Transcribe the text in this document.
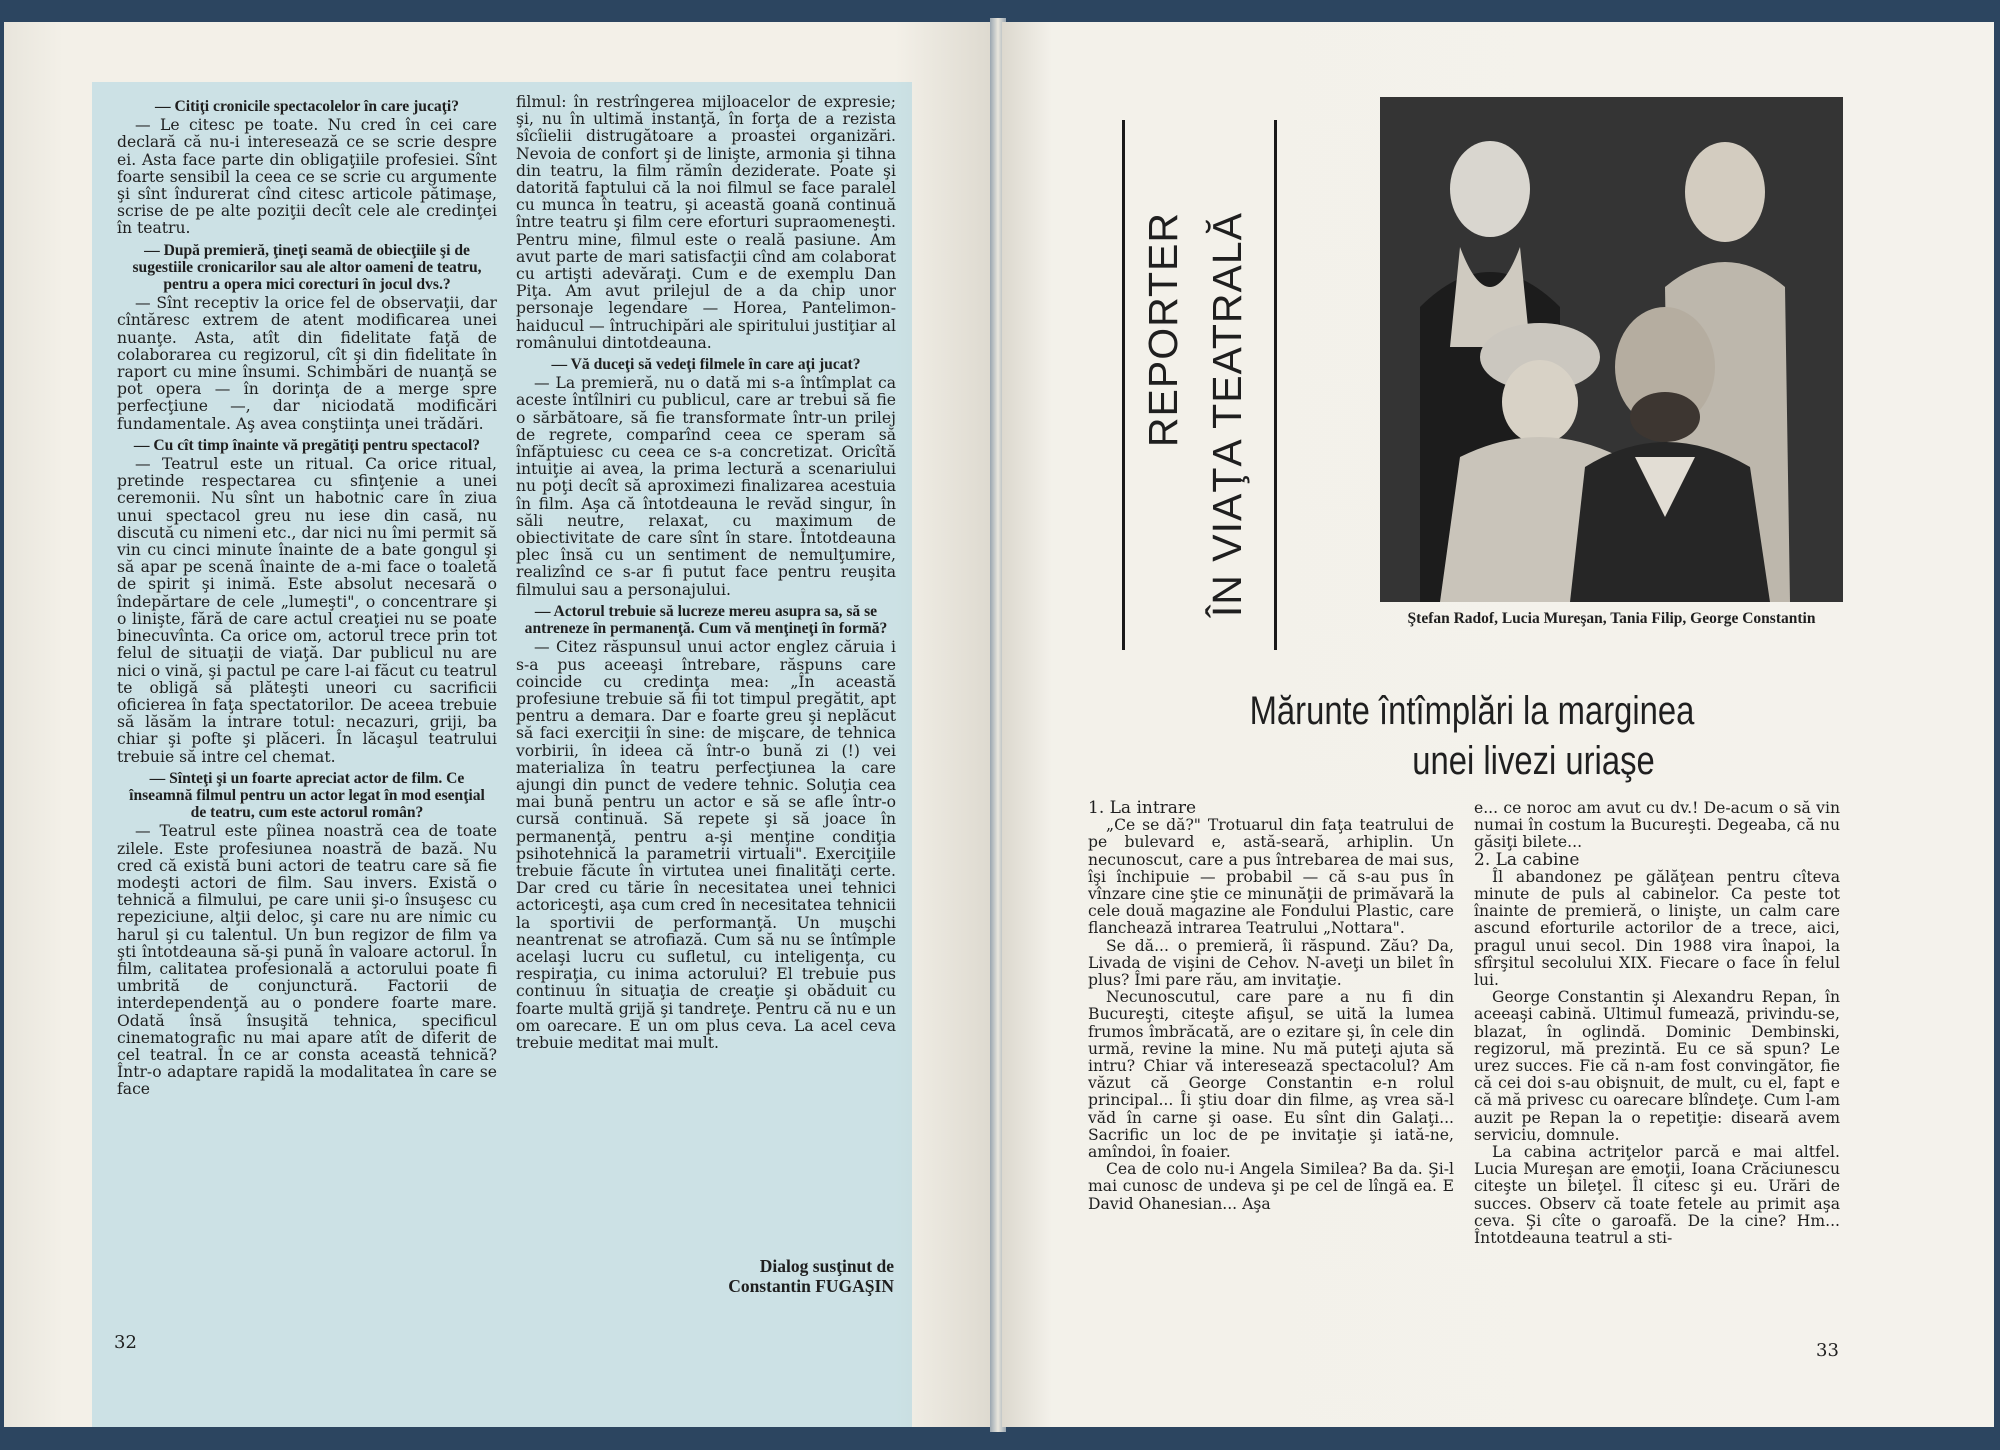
— Citiţi cronicile spectacolelor în care jucaţi?

— Le citesc pe toate. Nu cred în cei care declară că nu-i interesează ce se scrie despre ei. Asta face parte din obligaţiile profesiei. Sînt foarte sensibil la ceea ce se scrie cu argumente şi sînt îndurerat cînd citesc articole pătimaşe, scrise de pe alte poziţii decît cele ale credinţei în teatru.

— După premieră, ţineţi seamă de obiecţiile şi de sugestiile cronicarilor sau ale altor oameni de teatru, pentru a opera mici corecturi în jocul dvs.?

— Sînt receptiv la orice fel de observaţii, dar cîntăresc extrem de atent modificarea unei nuanţe. Asta, atît din fidelitate faţă de colaborarea cu regizorul, cît şi din fidelitate în raport cu mine însumi. Schimbări de nuanţă se pot opera — în dorinţa de a merge spre perfecţiune —, dar niciodată modificări fundamentale. Aş avea conştiinţa unei trădări.

— Cu cît timp înainte vă pregătiţi pentru spectacol?

— Teatrul este un ritual. Ca orice ritual, pretinde respectarea cu sfinţenie a unei ceremonii. Nu sînt un habotnic care în ziua unui spectacol greu nu iese din casă, nu discută cu nimeni etc., dar nici nu îmi permit să vin cu cinci minute înainte de a bate gongul şi să apar pe scenă înainte de a-mi face o toaletă de spirit şi inimă. Este absolut necesară o îndepărtare de cele „lumeşti", o concentrare şi o linişte, fără de care actul creaţiei nu se poate binecuvînta. Ca orice om, actorul trece prin tot felul de situaţii de viaţă. Dar publicul nu are nici o vină, şi pactul pe care l-ai făcut cu teatrul te obligă să plăteşti uneori cu sacrificii oficierea în faţa spectatorilor. De aceea trebuie să lăsăm la intrare totul: necazuri, griji, ba chiar şi pofte şi plăceri. În lăcaşul teatrului trebuie să intre cel chemat.

— Sînteţi şi un foarte apreciat actor de film. Ce înseamnă filmul pentru un actor legat în mod esenţial de teatru, cum este actorul român?

— Teatrul este pîinea noastră cea de toate zilele. Este profesiunea noastră de bază. Nu cred că există buni actori de teatru care să fie modeşti actori de film. Sau invers. Există o tehnică a filmului, pe care unii şi-o însuşesc cu repeziciune, alţii deloc, şi care nu are nimic cu harul şi cu talentul. Un bun regizor de film va şti întotdeauna să-şi pună în valoare actorul. În film, calitatea profesională a actorului poate fi umbrită de conjunctură. Factorii de interdependenţă au o pondere foarte mare. Odată însă însuşită tehnica, specificul cinematografic nu mai apare atît de diferit de cel teatral. În ce ar consta această tehnică? Într-o adaptare rapidă la modalitatea în care se face

filmul: în restrîngerea mijloacelor de expresie; şi, nu în ultimă instanţă, în forţa de a rezista sîcîielii distrugătoare a proastei organizări. Nevoia de confort şi de linişte, armonia şi tihna din teatru, la film rămîn deziderate. Poate şi datorită faptului că la noi filmul se face paralel cu munca în teatru, şi această goană continuă între teatru şi film cere eforturi supraomeneşti. Pentru mine, filmul este o reală pasiune. Am avut parte de mari satisfacţii cînd am colaborat cu artişti adevăraţi. Cum e de exemplu Dan Piţa. Am avut prilejul de a da chip unor personaje legendare — Horea, Pantelimon-haiducul — întruchipări ale spiritului justiţiar al românului dintotdeauna.

— Vă duceţi să vedeţi filmele în care aţi jucat?

— La premieră, nu o dată mi s-a întîmplat ca aceste întîlniri cu publicul, care ar trebui să fie o sărbătoare, să fie transformate într-un prilej de regrete, comparînd ceea ce speram să înfăptuiesc cu ceea ce s-a concretizat. Oricîtă intuiţie ai avea, la prima lectură a scenariului nu poţi decît să aproximezi finalizarea acestuia în film. Aşa că întotdeauna le revăd singur, în săli neutre, relaxat, cu maximum de obiectivitate de care sînt în stare. Întotdeauna plec însă cu un sentiment de nemulţumire, realizînd ce s-ar fi putut face pentru reuşita filmului sau a personajului.

— Actorul trebuie să lucreze mereu asupra sa, să se antreneze în permanenţă. Cum vă menţineţi în formă?

— Citez răspunsul unui actor englez căruia i s-a pus aceeaşi întrebare, răspuns care coincide cu credinţa mea: „În această profesiune trebuie să fii tot timpul pregătit, apt pentru a demara. Dar e foarte greu şi neplăcut să faci exerciţii în sine: de mişcare, de tehnica vorbirii, în ideea că într-o bună zi (!) vei materializa în teatru perfecţiunea la care ajungi din punct de vedere tehnic. Soluţia cea mai bună pentru un actor e să se afle într-o cursă continuă. Să repete şi să joace în permanenţă, pentru a-şi menţine condiţia psihotehnică la parametrii virtuali". Exerciţiile trebuie făcute în virtutea unei finalităţi certe. Dar cred cu tărie în necesitatea unei tehnici actoriceşti, aşa cum cred în necesitatea tehnicii la sportivii de performanţă. Un muşchi neantrenat se atrofiază. Cum să nu se întîmple acelaşi lucru cu sufletul, cu inteligenţa, cu respiraţia, cu inima actorului? El trebuie pus continuu în situaţia de creaţie şi obăduit cu foarte multă grijă şi tandreţe. Pentru că nu e un om oarecare. E un om plus ceva. La acel ceva trebuie meditat mai mult.

Dialog susţinut de
Constantin FUGAŞIN
32
REPORTER ÎN VIAŢA TEATRALĂ
Ştefan Radof, Lucia Mureşan, Tania Filip, George Constantin
Mărunte întîmplări la marginea
unei livezi uriaşe

1. La intrare

„Ce se dă?" Trotuarul din faţa teatrului de pe bulevard e, astă-seară, arhiplin. Un necunoscut, care a pus întrebarea de mai sus, îşi închipuie — probabil — că s-au pus în vînzare cine ştie ce minunăţii de primăvară la cele două magazine ale Fondului Plastic, care flanchează intrarea Teatrului „Nottara".

Se dă... o premieră, îi răspund. Zău? Da, Livada de vişini de Cehov. N-aveţi un bilet în plus? Îmi pare rău, am invitaţie.

Necunoscutul, care pare a nu fi din Bucureşti, citeşte afişul, se uită la lumea frumos îmbrăcată, are o ezitare şi, în cele din urmă, revine la mine. Nu mă puteţi ajuta să intru? Chiar vă interesează spectacolul? Am văzut că George Constantin e-n rolul principal... Îi ştiu doar din filme, aş vrea să-l văd în carne şi oase. Eu sînt din Galaţi... Sacrific un loc de pe invitaţie şi iată-ne, amîndoi, în foaier.

Cea de colo nu-i Angela Similea? Ba da. Şi-l mai cunosc de undeva şi pe cel de lîngă ea. E David Ohanesian... Aşa

e... ce noroc am avut cu dv.! De-acum o să vin numai în costum la Bucureşti. Degeaba, că nu găsiţi bilete...

2. La cabine

Îl abandonez pe gălăţean pentru cîteva minute de puls al cabinelor. Ca peste tot înainte de premieră, o linişte, un calm care ascund eforturile actorilor de a trece, aici, pragul unui secol. Din 1988 vira înapoi, la sfîrşitul secolului XIX. Fiecare o face în felul lui.

George Constantin şi Alexandru Repan, în aceeaşi cabină. Ultimul fumează, privindu-se, blazat, în oglindă. Dominic Dembinski, regizorul, mă prezintă. Eu ce să spun? Le urez succes. Fie că n-am fost convingător, fie că cei doi s-au obişnuit, de mult, cu el, fapt e că mă privesc cu oarecare blîndeţe. Cum l-am auzit pe Repan la o repetiţie: diseară avem serviciu, domnule.

La cabina actriţelor parcă e mai altfel. Lucia Mureşan are emoţii, Ioana Crăciunescu citeşte un bileţel. Îl citesc şi eu. Urări de succes. Observ că toate fetele au primit aşa ceva. Şi cîte o garoafă. De la cine? Hm... Întotdeauna teatrul a sti-

33
